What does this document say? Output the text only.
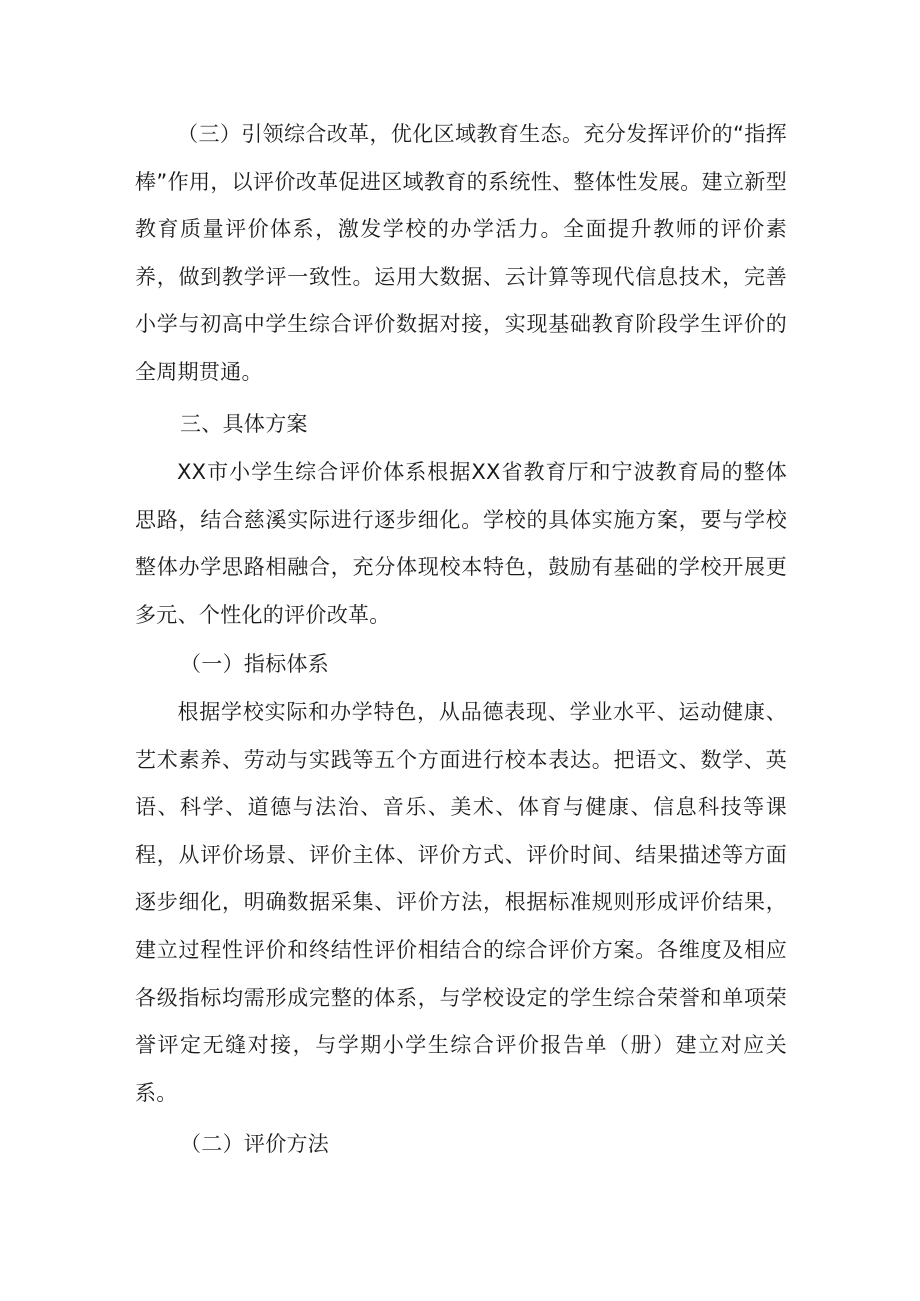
（三）引领综合改革，优化区域教育生态。充分发挥评价的“指挥棒”作用，以评价改革促进区域教育的系统性、整体性发展。建立新型教育质量评价体系，激发学校的办学活力。全面提升教师的评价素养，做到教学评一致性。运用大数据、云计算等现代信息技术，完善小学与初高中学生综合评价数据对接，实现基础教育阶段学生评价的全周期贯通。

三、具体方案

XX市小学生综合评价体系根据XX省教育厅和宁波教育局的整体思路，结合慈溪实际进行逐步细化。学校的具体实施方案，要与学校整体办学思路相融合，充分体现校本特色，鼓励有基础的学校开展更多元、个性化的评价改革。

（一）指标体系

根据学校实际和办学特色，从品德表现、学业水平、运动健康、艺术素养、劳动与实践等五个方面进行校本表达。把语文、数学、英语、科学、道德与法治、音乐、美术、体育与健康、信息科技等课程，从评价场景、评价主体、评价方式、评价时间、结果描述等方面逐步细化，明确数据采集、评价方法，根据标准规则形成评价结果，建立过程性评价和终结性评价相结合的综合评价方案。各维度及相应各级指标均需形成完整的体系，与学校设定的学生综合荣誉和单项荣誉评定无缝对接，与学期小学生综合评价报告单（册）建立对应关系。

（二）评价方法
